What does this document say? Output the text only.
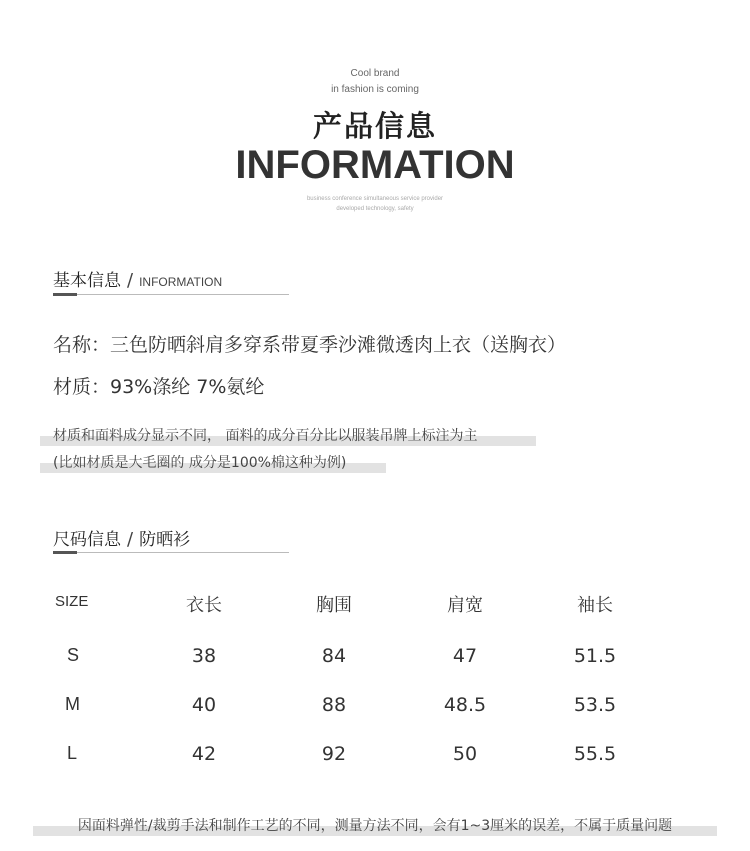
Cool brand
in fashion is coming
产品信息
INFORMATION
business conference simultaneous service provider
developed technology, safety
基本信息 / INFORMATION
名称：三色防晒斜肩多穿系带夏季沙滩微透肉上衣（送胸衣）
材质：93%涤纶 7%氨纶
材质和面料成分显示不同， 面料的成分百分比以服装吊牌上标注为主
(比如材质是大毛圈的 成分是100%棉这种为例)
尺码信息 / 防晒衫
SIZE	衣长	胸围	肩宽	袖长
S	38	84	47	51.5
M	40	88	48.5	53.5
L	42	92	50	55.5
因面料弹性/裁剪手法和制作工艺的不同，测量方法不同，会有1~3厘米的误差，不属于质量问题
